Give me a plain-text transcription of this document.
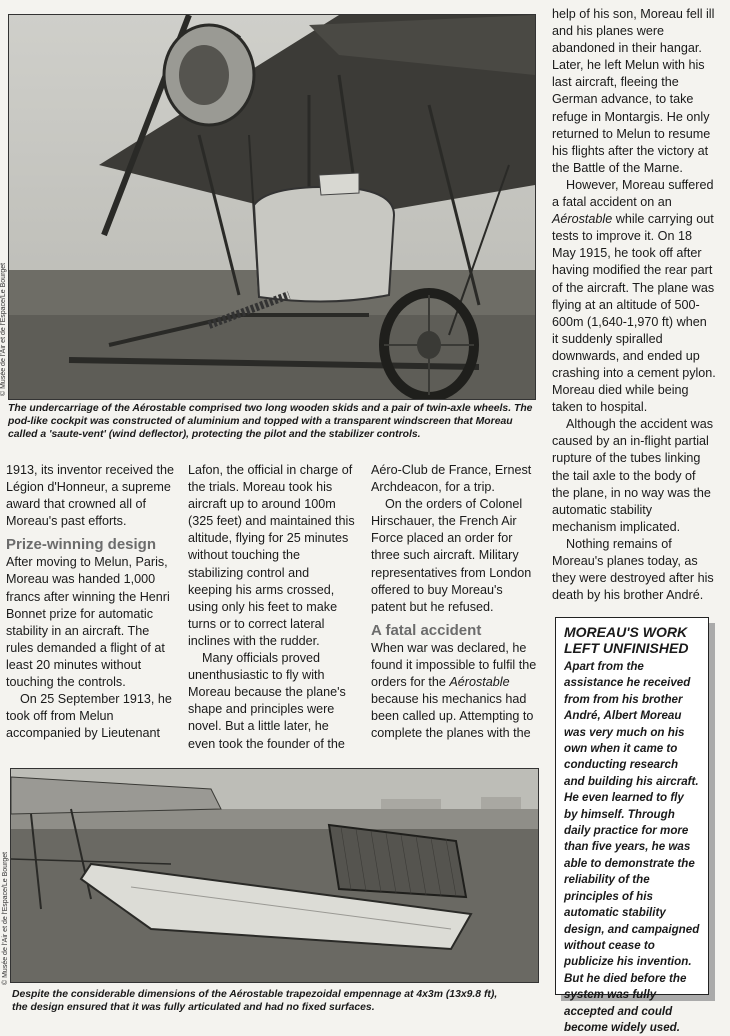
© Musée de l'Air et de l'Espace/Le Bourget
The undercarriage of the Aérostable comprised two long wooden skids and a pair of twin-axle wheels. The pod-like cockpit was constructed of aluminium and topped with a transparent windscreen that Moreau called a 'saute-vent' (wind deflector), protecting the pilot and the stabilizer controls.

1913, its inventor received the Légion d'Honneur, a supreme award that crowned all of Moreau's past efforts.

Prize-winning design

After moving to Melun, Paris, Moreau was handed 1,000 francs after winning the Henri Bonnet prize for automatic stability in an aircraft. The rules demanded a flight of at least 20 minutes without touching the controls.

On 25 September 1913, he took off from Melun accompanied by Lieutenant

Lafon, the official in charge of the trials. Moreau took his aircraft up to around 100m (325 feet) and maintained this altitude, flying for 25 minutes without touching the stabilizing control and keeping his arms crossed, using only his feet to make turns or to correct lateral inclines with the rudder.

Many officials proved unenthusiastic to fly with Moreau because the plane's shape and principles were novel. But a little later, he even took the founder of the

Aéro-Club de France, Ernest Archdeacon, for a trip.

On the orders of Colonel Hirschauer, the French Air Force placed an order for three such aircraft. Military representatives from London offered to buy Moreau's patent but he refused.

A fatal accident

When war was declared, he found it impossible to fulfil the orders for the Aérostable because his mechanics had been called up. Attempting to complete the planes with the

help of his son, Moreau fell ill and his planes were abandoned in their hangar. Later, he left Melun with his last aircraft, fleeing the German advance, to take refuge in Montargis. He only returned to Melun to resume his flights after the victory at the Battle of the Marne.

However, Moreau suffered a fatal accident on an Aérostable while carrying out tests to improve it. On 18 May 1915, he took off after having modified the rear part of the aircraft. The plane was flying at an altitude of 500-600m (1,640-1,970 ft) when it suddenly spiralled downwards, and ended up crashing into a cement pylon. Moreau died while being taken to hospital.

Although the accident was caused by an in-flight partial rupture of the tubes linking the tail axle to the body of the plane, in no way was the automatic stability mechanism implicated.

Nothing remains of Moreau's planes today, as they were destroyed after his death by his brother André.

MOREAU'S WORK LEFT UNFINISHED
Apart from the assistance he received from from his brother André, Albert Moreau was very much on his own when it came to conducting research and building his aircraft. He even learned to fly by himself. Through daily practice for more than five years, he was able to demonstrate the reliability of the principles of his automatic stability design, and campaigned without cease to publicize his invention. But he died before the system was fully accepted and could become widely used.
© Musée de l'Air et de l'Espace/Le Bourget
Despite the considerable dimensions of the Aérostable trapezoidal empennage at 4x3m (13x9.8 ft), the design ensured that it was fully articulated and had no fixed surfaces.
